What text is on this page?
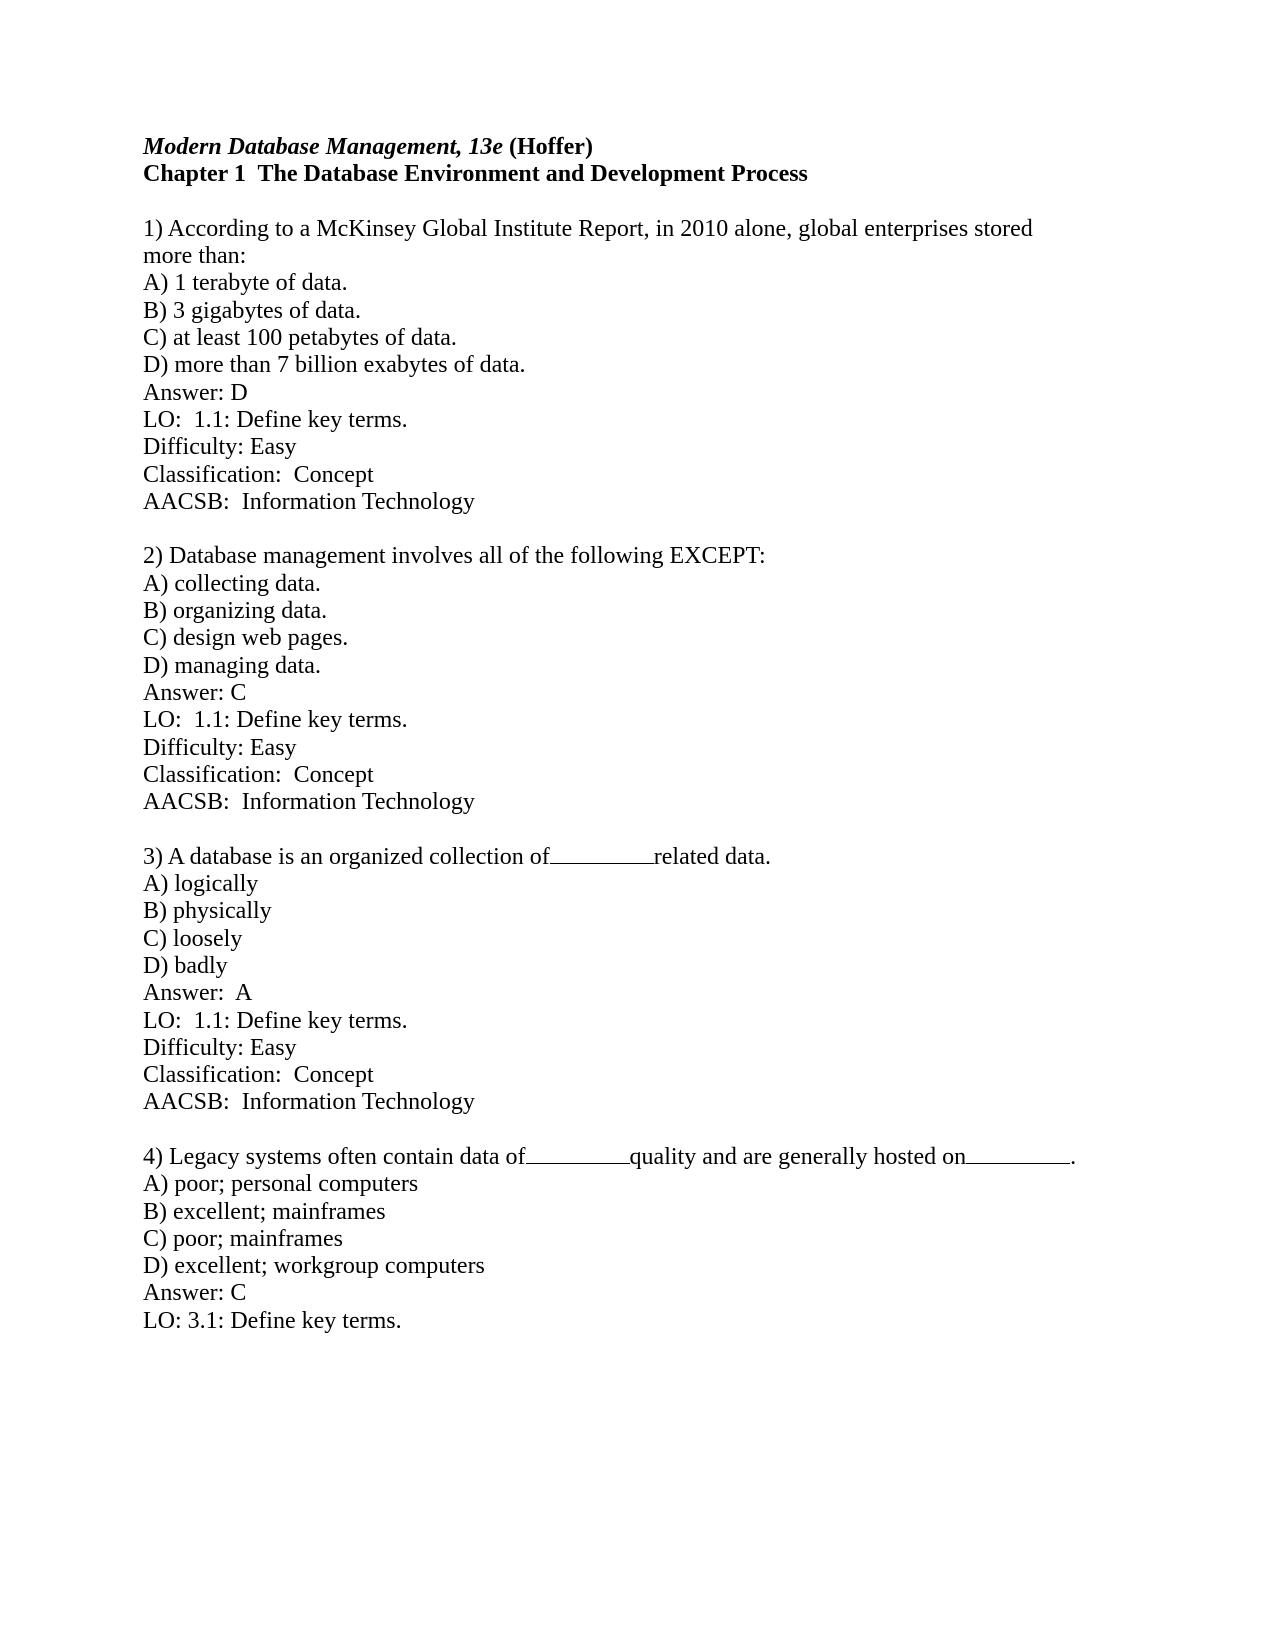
Modern Database Management, 13e (Hoffer)
Chapter 1  The Database Environment and Development Process
1) According to a McKinsey Global Institute Report, in 2010 alone, global enterprises stored
more than:
A) 1 terabyte of data.
B) 3 gigabytes of data.
C) at least 100 petabytes of data.
D) more than 7 billion exabytes of data.
Answer: D
LO:  1.1: Define key terms.
Difficulty: Easy
Classification:  Concept
AACSB:  Information Technology
2) Database management involves all of the following EXCEPT:
A) collecting data.
B) organizing data.
C) design web pages.
D) managing data.
Answer: C
LO:  1.1: Define key terms.
Difficulty: Easy
Classification:  Concept
AACSB:  Information Technology
3) A database is an organized collection of	related data.
A) logically
B) physically
C) loosely
D) badly
Answer:  A
LO:  1.1: Define key terms.
Difficulty: Easy
Classification:  Concept
AACSB:  Information Technology
4) Legacy systems often contain data of	quality and are generally hosted on	.
A) poor; personal computers
B) excellent; mainframes
C) poor; mainframes
D) excellent; workgroup computers
Answer: C
LO: 3.1: Define key terms.
